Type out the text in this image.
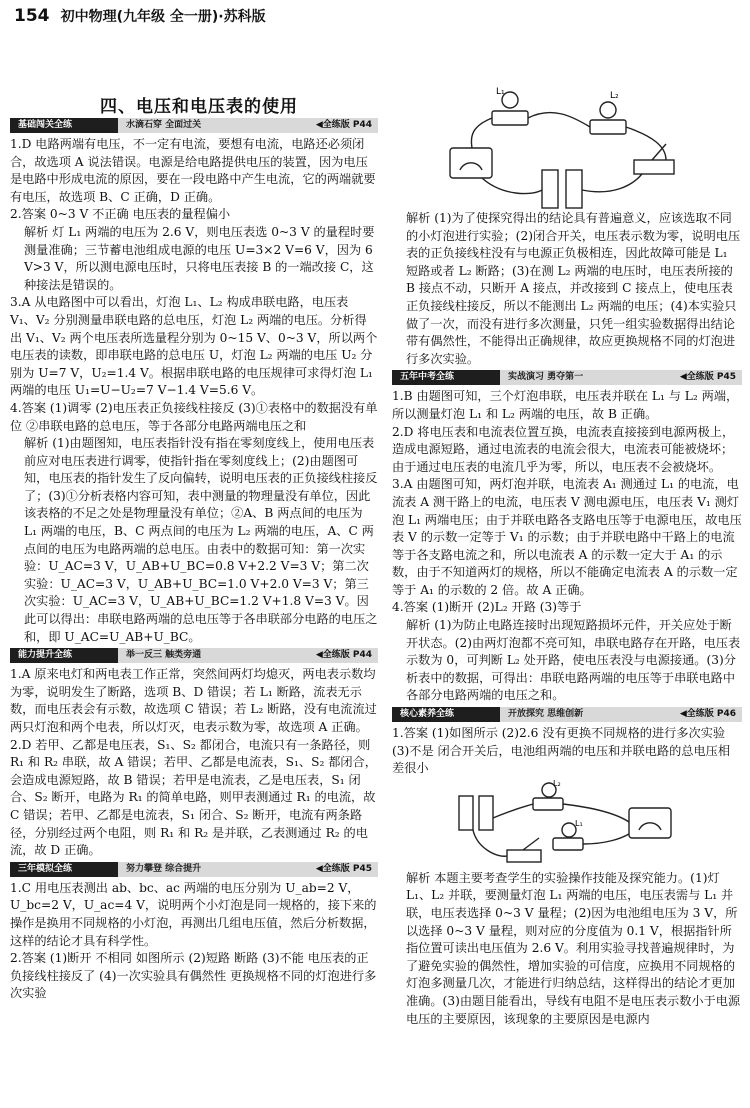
154 初中物理(九年级 全一册)·苏科版
四、电压和电压表的使用
基础闯关全练	水滴石穿 全面过关	◀全练版 P44

1.D 电路两端有电压，不一定有电流，要想有电流，电路还必须闭合，故选项 A 说法错误。电源是给电路提供电压的装置，因为电压是电路中形成电流的原因，要在一段电路中产生电流，它的两端就要有电压，故选项 B、C 正确，D 正确。

2.答案 0~3 V 不正确 电压表的量程偏小

解析 灯 L₁ 两端的电压为 2.6 V，则电压表选 0~3 V 的量程时要测量准确；三节蓄电池组成电源的电压 U=3×2 V=6 V，因为 6 V>3 V，所以测电源电压时，只将电压表接 B 的一端改接 C，这种接法是错误的。

3.A 从电路图中可以看出，灯泡 L₁、L₂ 构成串联电路，电压表 V₁、V₂ 分别测量串联电路的总电压，灯泡 L₂ 两端的电压。分析得出 V₁、V₂ 两个电压表所选量程分别为 0~15 V、0~3 V，所以两个电压表的读数，即串联电路的总电压 U，灯泡 L₂ 两端的电压 U₂ 分别为 U=7 V，U₂=1.4 V。根据串联电路的电压规律可求得灯泡 L₁ 两端的电压 U₁=U−U₂=7 V−1.4 V=5.6 V。

4.答案 (1)调零 (2)电压表正负接线柱接反 (3)①表格中的数据没有单位 ②串联电路的总电压，等于各部分电路两端电压之和

解析 (1)由题图知，电压表指针没有指在零刻度线上，使用电压表前应对电压表进行调零，使指针指在零刻度线上；(2)由题图可知，电压表的指针发生了反向偏转，说明电压表的正负接线柱接反了；(3)①分析表格内容可知，表中测量的物理量没有单位，因此该表格的不足之处是物理量没有单位；②A、B 两点间的电压为 L₁ 两端的电压，B、C 两点间的电压为 L₂ 两端的电压，A、C 两点间的电压为电路两端的总电压。由表中的数据可知：第一次实验：U_AC=3 V，U_AB+U_BC=0.8 V+2.2 V=3 V；第二次实验：U_AC=3 V，U_AB+U_BC=1.0 V+2.0 V=3 V；第三次实验：U_AC=3 V，U_AB+U_BC=1.2 V+1.8 V=3 V。因此可以得出：串联电路两端的总电压等于各串联部分电路的电压之和，即 U_AC=U_AB+U_BC。

能力提升全练	举一反三 触类旁通	◀全练版 P44

1.A 原来电灯和两电表工作正常，突然间两灯均熄灭，两电表示数均为零，说明发生了断路，选项 B、D 错误；若 L₁ 断路，流表无示数，而电压表会有示数，故选项 C 错误；若 L₂ 断路，没有电流流过两只灯泡和两个电表，所以灯灭，电表示数为零，故选项 A 正确。

2.D 若甲、乙都是电压表，S₁、S₂ 都闭合，电流只有一条路径，则 R₁ 和 R₂ 串联，故 A 错误；若甲、乙都是电流表，S₁、S₂ 都闭合，会造成电源短路，故 B 错误；若甲是电流表，乙是电压表，S₁ 闭合、S₂ 断开，电路为 R₁ 的简单电路，则甲表测通过 R₁ 的电流，故 C 错误；若甲、乙都是电流表，S₁ 闭合、S₂ 断开，电流有两条路径，分别经过两个电阻，则 R₁ 和 R₂ 是并联，乙表测通过 R₂ 的电流，故 D 正确。

三年模拟全练	努力攀登 综合提升	◀全练版 P45

1.C 用电压表测出 ab、bc、ac 两端的电压分别为 U_ab=2 V，U_bc=2 V，U_ac=4 V，说明两个小灯泡是同一规格的，接下来的操作是换用不同规格的小灯泡，再测出几组电压值，然后分析数据，这样的结论才具有科学性。

2.答案 (1)断开 不相同 如图所示 (2)短路 断路 (3)不能 电压表的正负接线柱接反了 (4)一次实验具有偶然性 更换规格不同的灯泡进行多次实验

L₁	L₂

解析 (1)为了使探究得出的结论具有普遍意义，应该选取不同的小灯泡进行实验；(2)闭合开关，电压表示数为零，说明电压表的正负接线柱没有与电源正负极相连，因此故障可能是 L₁ 短路或者 L₂ 断路；(3)在测 L₂ 两端的电压时，电压表所接的 B 接点不动，只断开 A 接点，并改接到 C 接点上，使电压表正负接线柱接反，所以不能测出 L₂ 两端的电压；(4)本实验只做了一次，而没有进行多次测量，只凭一组实验数据得出结论带有偶然性，不能得出正确规律，故应更换规格不同的灯泡进行多次实验。

五年中考全练	实战演习 勇夺第一	◀全练版 P45

1.B 由题图可知，三个灯泡串联，电压表并联在 L₁ 与 L₂ 两端，所以测量灯泡 L₁ 和 L₂ 两端的电压，故 B 正确。

2.D 将电压表和电流表位置互换，电流表直接接到电源两极上，造成电源短路，通过电流表的电流会很大，电流表可能被烧坏；由于通过电压表的电流几乎为零，所以，电压表不会被烧坏。

3.A 由题图可知，两灯泡并联，电流表 A₁ 测通过 L₁ 的电流，电流表 A 测干路上的电流，电压表 V 测电源电压，电压表 V₁ 测灯泡 L₁ 两端电压；由于并联电路各支路电压等于电源电压，故电压表 V 的示数一定等于 V₁ 的示数；由于并联电路中干路上的电流等于各支路电流之和，所以电流表 A 的示数一定大于 A₁ 的示数，由于不知道两灯的规格，所以不能确定电流表 A 的示数一定等于 A₁ 的示数的 2 倍。故 A 正确。

4.答案 (1)断开 (2)L₂ 开路 (3)等于

解析 (1)为防止电路连接时出现短路损坏元件，开关应处于断开状态。(2)由两灯泡都不亮可知，串联电路存在开路，电压表示数为 0，可判断 L₂ 处开路，使电压表没与电源接通。(3)分析表中的数据，可得出：串联电路两端的电压等于串联电路中各部分电路两端的电压之和。

核心素养全练	开放探究 思维创新	◀全练版 P46

1.答案 (1)如图所示 (2)2.6 没有更换不同规格的进行多次实验 (3)不是 闭合开关后，电池组两端的电压和并联电路的总电压相差很小

L₂
L₁

解析 本题主要考查学生的实验操作技能及探究能力。(1)灯 L₁、L₂ 并联，要测量灯泡 L₁ 两端的电压，电压表需与 L₁ 并联，电压表选择 0~3 V 量程；(2)因为电池组电压为 3 V，所以选择 0~3 V 量程，则对应的分度值为 0.1 V，根据指针所指位置可读出电压值为 2.6 V。利用实验寻找普遍规律时，为了避免实验的偶然性，增加实验的可信度，应换用不同规格的灯泡多测量几次，才能进行归纳总结，这样得出的结论才更加准确。(3)由题目能看出，导线有电阻不是电压表示数小于电源电压的主要原因，该现象的主要原因是电源内
